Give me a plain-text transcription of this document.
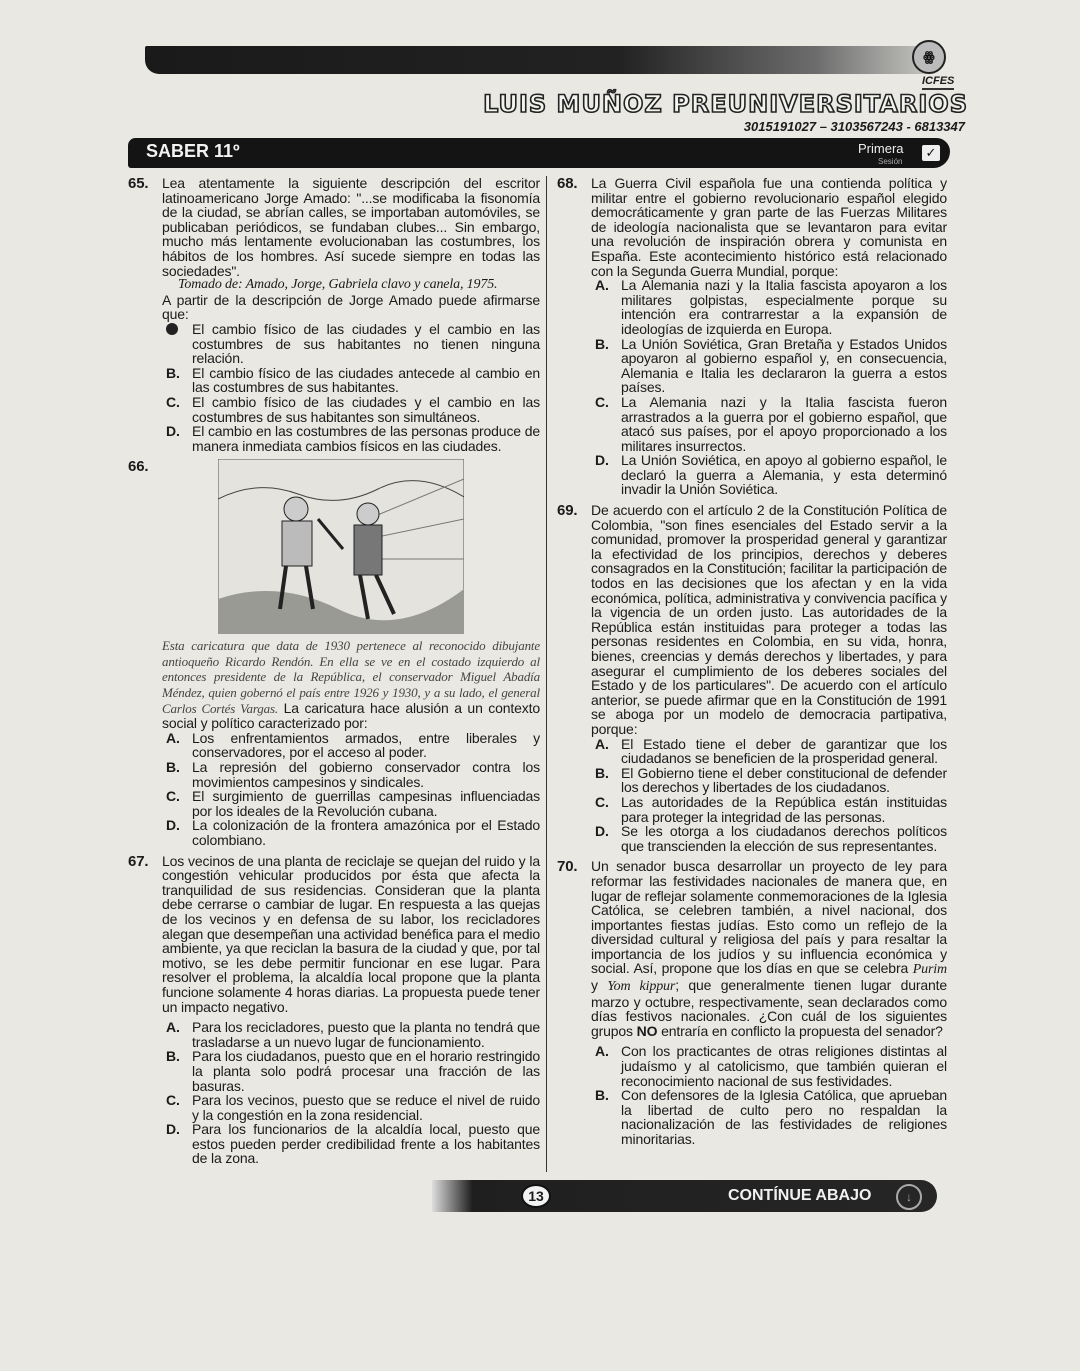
ꙮ
ICFES
LUIS MUÑOZ PREUNIVERSITARIOS
3015191027 – 3103567243 - 6813347
SABER 11º	Primera
Sesión
✓
65. Lea atentamente la siguiente descripción del escritor latinoamericano Jorge Amado: "...se modificaba la fisonomía de la ciudad, se abrían calles, se importaban automóviles, se publicaban periódicos, se fundaban clubes... Sin embargo, mucho más lentamente evolucionaban las costumbres, los hábitos de los hombres. Así sucede siempre en todas las sociedades".
Tomado de: Amado, Jorge, Gabriela clavo y canela, 1975.
A partir de la descripción de Jorge Amado puede afirmarse que:
El cambio físico de las ciudades y el cambio en las costumbres de sus habitantes no tienen ninguna relación.
B. El cambio físico de las ciudades antecede al cambio en las costumbres de sus habitantes.
C. El cambio físico de las ciudades y el cambio en las costumbres de sus habitantes son simultáneos.
D. El cambio en las costumbres de las personas produce de manera inmediata cambios físicos en las ciudades.
66.
Esta caricatura que data de 1930 pertenece al reconocido dibujante antioqueño Ricardo Rendón. En ella se ve en el costado izquierdo al entonces presidente de la República, el conservador Miguel Abadía Méndez, quien gobernó el país entre 1926 y 1930, y a su lado, el general Carlos Cortés Vargas. La caricatura hace alusión a un contexto social y político caracterizado por:
A. Los enfrentamientos armados, entre liberales y conservadores, por el acceso al poder.
B. La represión del gobierno conservador contra los movimientos campesinos y sindicales.
C. El surgimiento de guerrillas campesinas influenciadas por los ideales de la Revolución cubana.
D. La colonización de la frontera amazónica por el Estado colombiano.
67. Los vecinos de una planta de reciclaje se quejan del ruido y la congestión vehicular producidos por ésta que afecta la tranquilidad de sus residencias. Consideran que la planta debe cerrarse o cambiar de lugar. En respuesta a las quejas de los vecinos y en defensa de su labor, los recicladores alegan que desempeñan una actividad benéfica para el medio ambiente, ya que reciclan la basura de la ciudad y que, por tal motivo, se les debe permitir funcionar en ese lugar. Para resolver el problema, la alcaldía local propone que la planta funcione solamente 4 horas diarias. La propuesta puede tener un impacto negativo.
A. Para los recicladores, puesto que la planta no tendrá que trasladarse a un nuevo lugar de funcionamiento.
B. Para los ciudadanos, puesto que en el horario restringido la planta solo podrá procesar una fracción de las basuras.
C. Para los vecinos, puesto que se reduce el nivel de ruido y la congestión en la zona residencial.
D. Para los funcionarios de la alcaldía local, puesto que estos pueden perder credibilidad frente a los habitantes de la zona.
68. La Guerra Civil española fue una contienda política y militar entre el gobierno revolucionario español elegido democráticamente y gran parte de las Fuerzas Militares de ideología nacionalista que se levantaron para evitar una revolución de inspiración obrera y comunista en España. Este acontecimiento histórico está relacionado con la Segunda Guerra Mundial, porque:
A. La Alemania nazi y la Italia fascista apoyaron a los militares golpistas, especialmente porque su intención era contrarrestar a la expansión de ideologías de izquierda en Europa.
B. La Unión Soviética, Gran Bretaña y Estados Unidos apoyaron al gobierno español y, en consecuencia, Alemania e Italia les declararon la guerra a estos países.
C. La Alemania nazi y la Italia fascista fueron arrastrados a la guerra por el gobierno español, que atacó sus países, por el apoyo proporcionado a los militares insurrectos.
D. La Unión Soviética, en apoyo al gobierno español, le declaró la guerra a Alemania, y esta determinó invadir la Unión Soviética.
69. De acuerdo con el artículo 2 de la Constitución Política de Colombia, "son fines esenciales del Estado servir a la comunidad, promover la prosperidad general y garantizar la efectividad de los principios, derechos y deberes consagrados en la Constitución; facilitar la participación de todos en las decisiones que los afectan y en la vida económica, política, administrativa y convivencia pacífica y la vigencia de un orden justo. Las autoridades de la República están instituidas para proteger a todas las personas residentes en Colombia, en su vida, honra, bienes, creencias y demás derechos y libertades, y para asegurar el cumplimiento de los deberes sociales del Estado y de los particulares". De acuerdo con el artículo anterior, se puede afirmar que en la Constitución de 1991 se aboga por un modelo de democracia partipativa, porque:
A. El Estado tiene el deber de garantizar que los ciudadanos se beneficien de la prosperidad general.
B. El Gobierno tiene el deber constitucional de defender los derechos y libertades de los ciudadanos.
C. Las autoridades de la República están instituidas para proteger la integridad de las personas.
D. Se les otorga a los ciudadanos derechos políticos que transcienden la elección de sus representantes.
70. Un senador busca desarrollar un proyecto de ley para reformar las festividades nacionales de manera que, en lugar de reflejar solamente conmemoraciones de la Iglesia Católica, se celebren también, a nivel nacional, dos importantes fiestas judías. Esto como un reflejo de la diversidad cultural y religiosa del país y para resaltar la importancia de los judíos y su influencia económica y social. Así, propone que los días en que se celebra Purim y Yom kippur; que generalmente tienen lugar durante marzo y octubre, respectivamente, sean declarados como días festivos nacionales. ¿Con cuál de los siguientes grupos NO entraría en conflicto la propuesta del senador?
A. Con los practicantes de otras religiones distintas al judaísmo y al catolicismo, que también quieran el reconocimiento nacional de sus festividades.
B. Con defensores de la Iglesia Católica, que aprueban la libertad de culto pero no respaldan la nacionalización de las festividades de religiones minoritarias.
13	CONTÍNUE ABAJO	↓
